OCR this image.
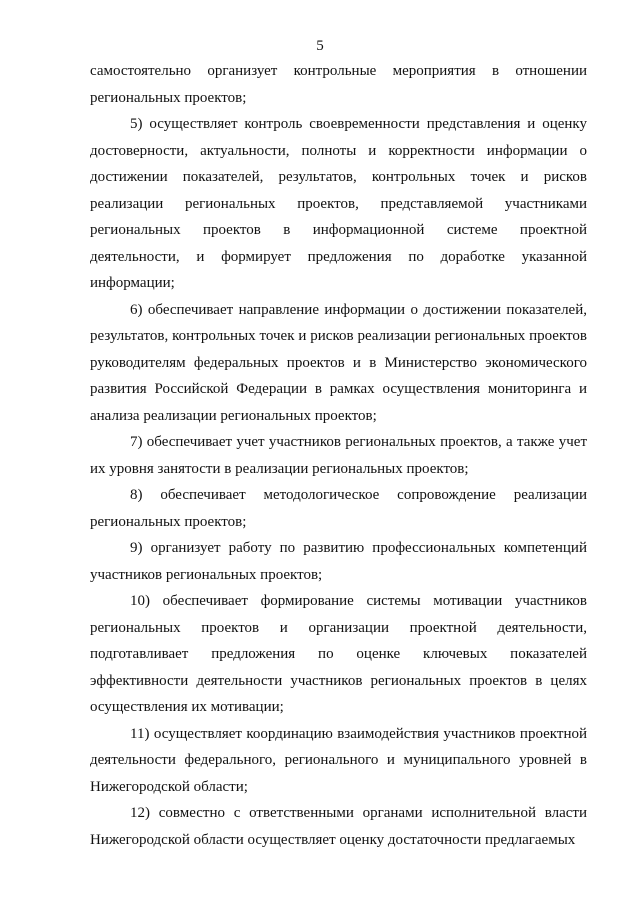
5

самостоятельно организует контрольные мероприятия в отношении региональных проектов;

5) осуществляет контроль своевременности представления и оценку достоверности, актуальности, полноты и корректности информации о достижении показателей, результатов, контрольных точек и рисков реализации региональных проектов, представляемой участниками региональных проектов в информационной системе проектной деятельности, и формирует предложения по доработке указанной информации;

6) обеспечивает направление информации о достижении показателей, результатов, контрольных точек и рисков реализации региональных проектов руководителям федеральных проектов и в Министерство экономического развития Российской Федерации в рамках осуществления мониторинга и анализа реализации региональных проектов;

7) обеспечивает учет участников региональных проектов, а также учет их уровня занятости в реализации региональных проектов;

8) обеспечивает методологическое сопровождение реализации региональных проектов;

9) организует работу по развитию профессиональных компетенций участников региональных проектов;

10) обеспечивает формирование системы мотивации участников региональных проектов и организации проектной деятельности, подготавливает предложения по оценке ключевых показателей эффективности деятельности участников региональных проектов в целях осуществления их мотивации;

11) осуществляет координацию взаимодействия участников проектной деятельности федерального, регионального и муниципального уровней в Нижегородской области;

12) совместно с ответственными органами исполнительной власти Нижегородской области осуществляет оценку достаточности предлагаемых
